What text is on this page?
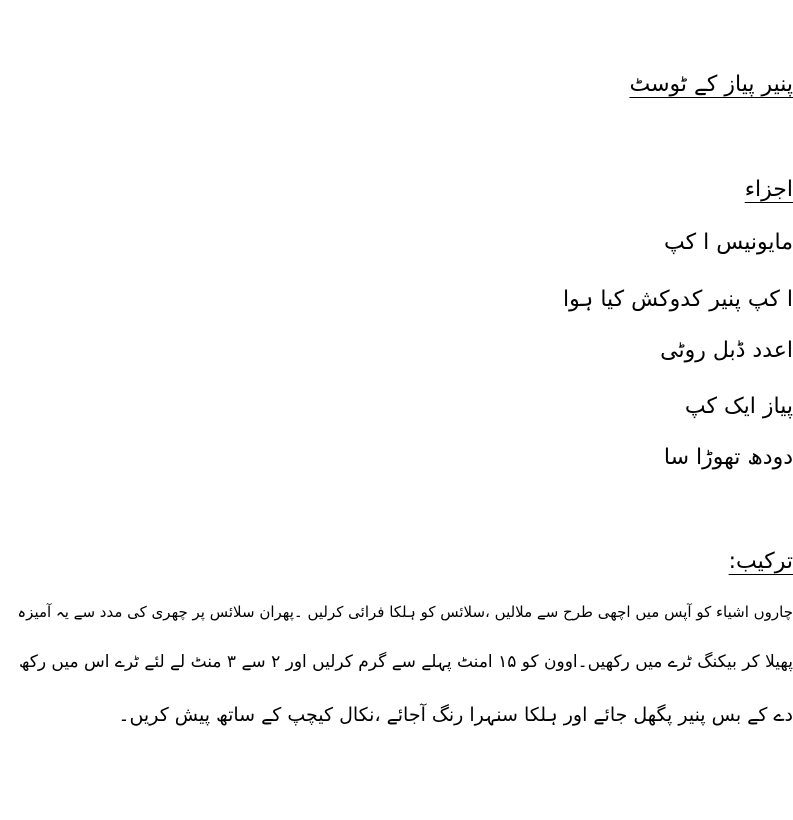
پنیر پیاز کے ٹوسٹ
اجزاء
مایونیس ا کپ
ا کپ پنیر کدوکش کیا ہوا
اعدد ڈبل روٹی
پیاز ایک کپ
دودھ تھوڑا سا
ترکیب:
چاروں اشیاء کو آپس میں اچھی طرح سے ملالیں ،سلائس کو ہلکا فرائی کرلیں ۔پھران سلائس پر چھری کی مدد سے یہ آمیزہ
پھیلا کر بیکنگ ٹرے میں رکھیں۔اوون کو ۱۵ امنٹ پہلے سے گرم کرلیں اور ۲ سے ۳ منٹ لے لئے ٹرے اس میں رکھ
دے کے بس پنیر پگھل جائے اور ہلکا سنہرا رنگ آجائے ،نکال کیچپ کے ساتھ پیش کریں۔
